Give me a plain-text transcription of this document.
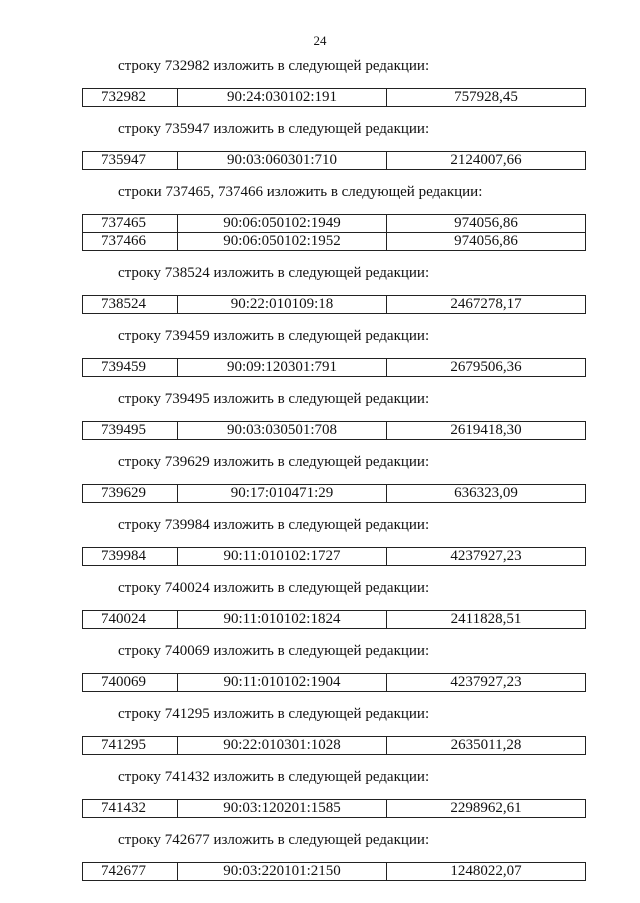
24
строку 732982 изложить в следующей редакции:
732982	90:24:030102:191	757928,45
строку 735947 изложить в следующей редакции:
735947	90:03:060301:710	2124007,66
строки 737465, 737466 изложить в следующей редакции:
737465	90:06:050102:1949	974056,86
737466	90:06:050102:1952	974056,86
строку 738524 изложить в следующей редакции:
738524	90:22:010109:18	2467278,17
строку 739459 изложить в следующей редакции:
739459	90:09:120301:791	2679506,36
строку 739495 изложить в следующей редакции:
739495	90:03:030501:708	2619418,30
строку 739629 изложить в следующей редакции:
739629	90:17:010471:29	636323,09
строку 739984 изложить в следующей редакции:
739984	90:11:010102:1727	4237927,23
строку 740024 изложить в следующей редакции:
740024	90:11:010102:1824	2411828,51
строку 740069 изложить в следующей редакции:
740069	90:11:010102:1904	4237927,23
строку 741295 изложить в следующей редакции:
741295	90:22:010301:1028	2635011,28
строку 741432 изложить в следующей редакции:
741432	90:03:120201:1585	2298962,61
строку 742677 изложить в следующей редакции:
742677	90:03:220101:2150	1248022,07
